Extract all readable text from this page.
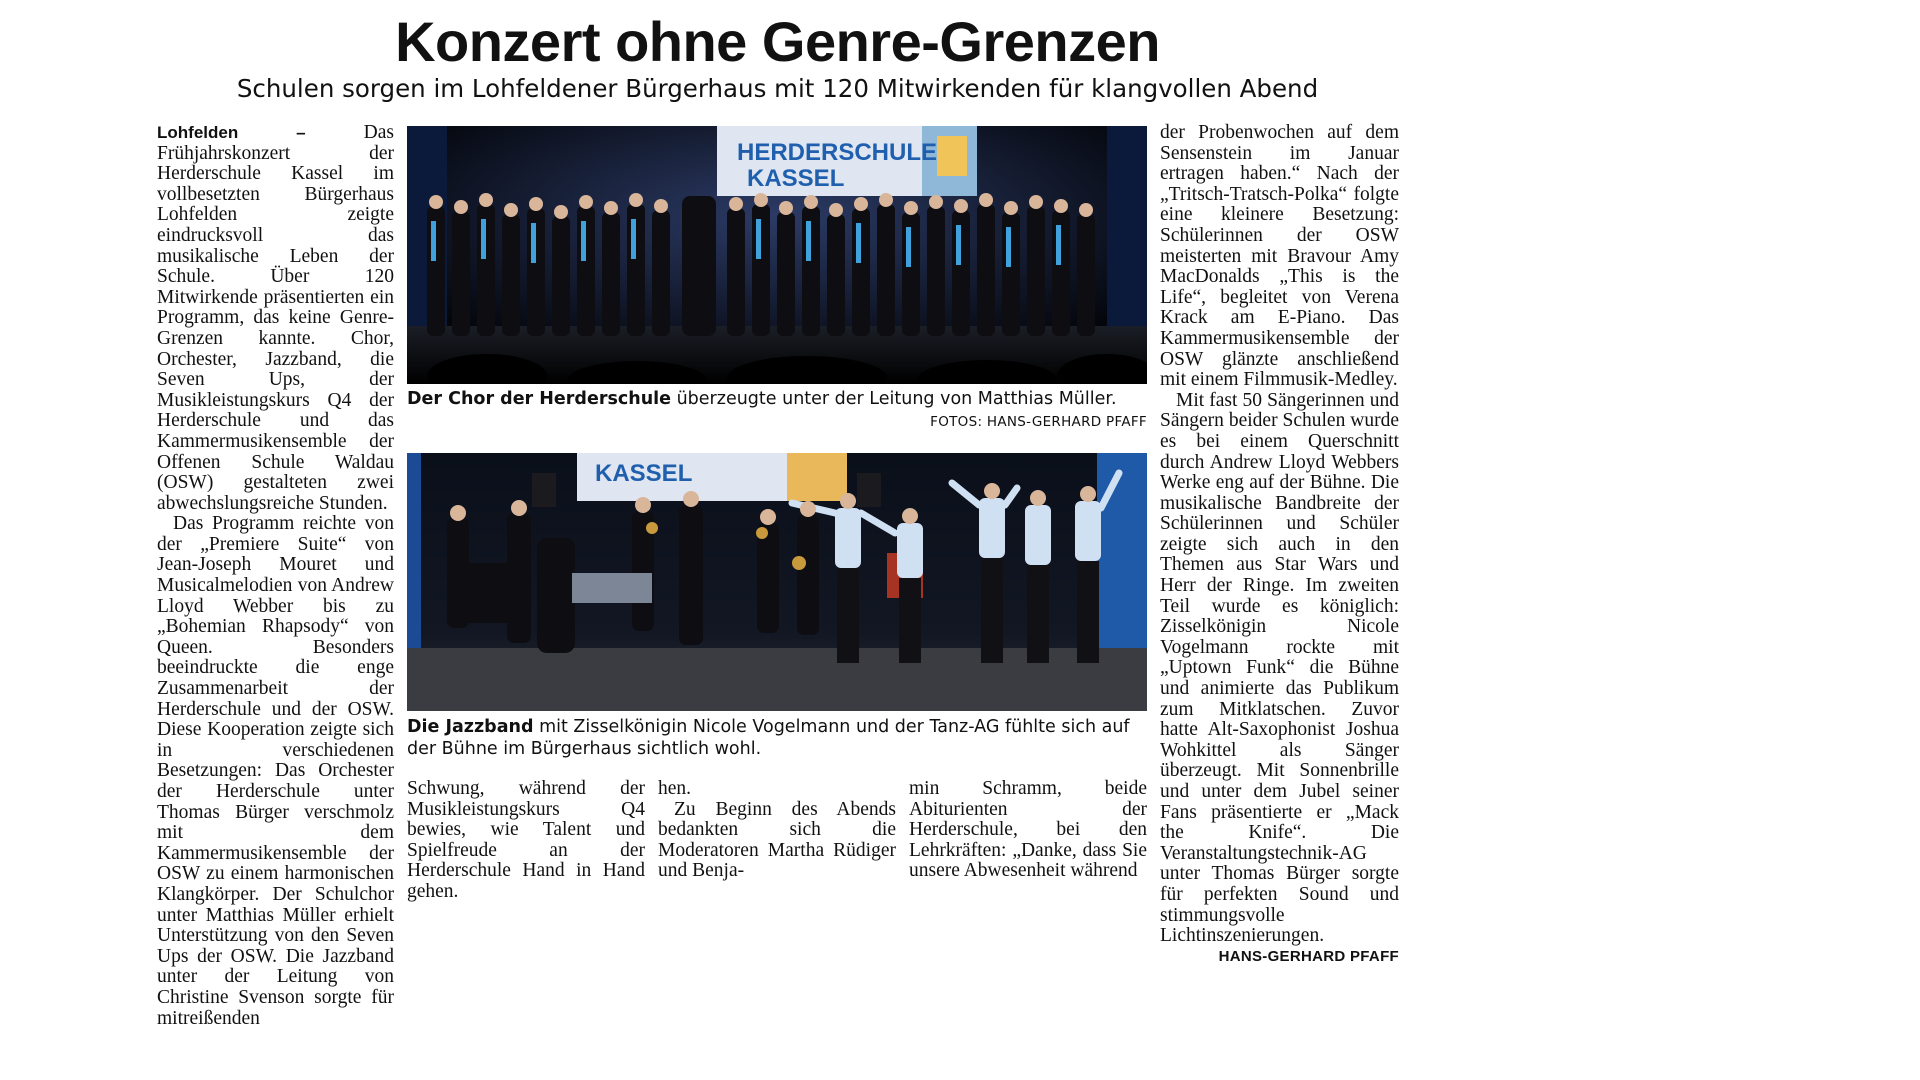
Konzert ohne Genre-Grenzen
Schulen sorgen im Lohfeldener Bürgerhaus mit 120 Mitwirkenden für klangvollen Abend

Lohfelden –	Das Frühjahrskonzert der Herderschule Kassel im vollbesetzten Bürgerhaus Lohfelden zeigte eindrucksvoll das musikalische Leben der Schule. Über 120 Mitwirkende präsentierten ein Programm, das keine Genre-Grenzen kannte. Chor, Orchester, Jazzband, die Seven Ups, der Musikleistungskurs Q4 der Herderschule und das Kammermusikensemble der Offenen Schule Waldau (OSW) gestalteten zwei abwechslungsreiche Stunden.

Das Programm reichte von der „Premiere Suite“ von Jean-Joseph Mouret und Musicalmelodien von Andrew Lloyd Webber bis zu „Bohemian Rhapsody“ von Queen. Besonders beeindruckte die enge Zusammenarbeit der Herderschule und der OSW. Diese Kooperation zeigte sich in verschiedenen Besetzungen: Das Orchester der Herderschule unter Thomas Bürger verschmolz mit dem Kammermusikensemble der OSW zu einem harmonischen Klangkörper. Der Schulchor unter Matthias Müller erhielt Unterstützung von den Seven Ups der OSW. Die Jazzband unter der Leitung von Christine Svenson sorgte für mitreißenden

HERDERSCHULE
KASSEL
Der Chor der Herderschule überzeugte unter der Leitung von Matthias Müller.
FOTOS: HANS-GERHARD PFAFF
KASSEL
Die Jazzband mit Zisselkönigin Nicole Vogelmann und der Tanz-AG fühlte sich auf der Bühne im Bürgerhaus sichtlich wohl.

Schwung, während der Musikleistungskurs Q4 bewies, wie Talent und Spielfreude an der Herderschule Hand in Hand gehen.

hen.

Zu Beginn des Abends bedankten sich die Moderatoren Martha Rüdiger und Benja-

min Schramm, beide Abiturienten der Herderschule, bei den Lehrkräften: „Danke, dass Sie unsere Abwesenheit während

der Probenwochen auf dem Sensenstein im Januar ertragen haben.“ Nach der „Tritsch-Tratsch-Polka“ folgte eine kleinere Besetzung: Schülerinnen der OSW meisterten mit Bravour Amy MacDonalds „This is the Life“, begleitet von Verena Krack am E-Piano. Das Kammermusikensemble der OSW glänzte anschließend mit einem Filmmusik-Medley.

Mit fast 50 Sängerinnen und Sängern beider Schulen wurde es bei einem Querschnitt durch Andrew Lloyd Webbers Werke eng auf der Bühne. Die musikalische Bandbreite der Schülerinnen und Schüler zeigte sich auch in den Themen aus Star Wars und Herr der Ringe. Im zweiten Teil wurde es königlich: Zisselkönigin Nicole Vogelmann rockte mit „Uptown Funk“ die Bühne und animierte das Publikum zum Mitklatschen. Zuvor hatte Alt-Saxophonist Joshua Wohkittel als Sänger überzeugt. Mit Sonnenbrille und unter dem Jubel seiner Fans präsentierte er „Mack the Knife“. Die Veranstaltungstechnik-AG unter Thomas Bürger sorgte für perfekten Sound und stimmungsvolle Lichtinszenierungen.
HANS-GERHARD PFAFF
